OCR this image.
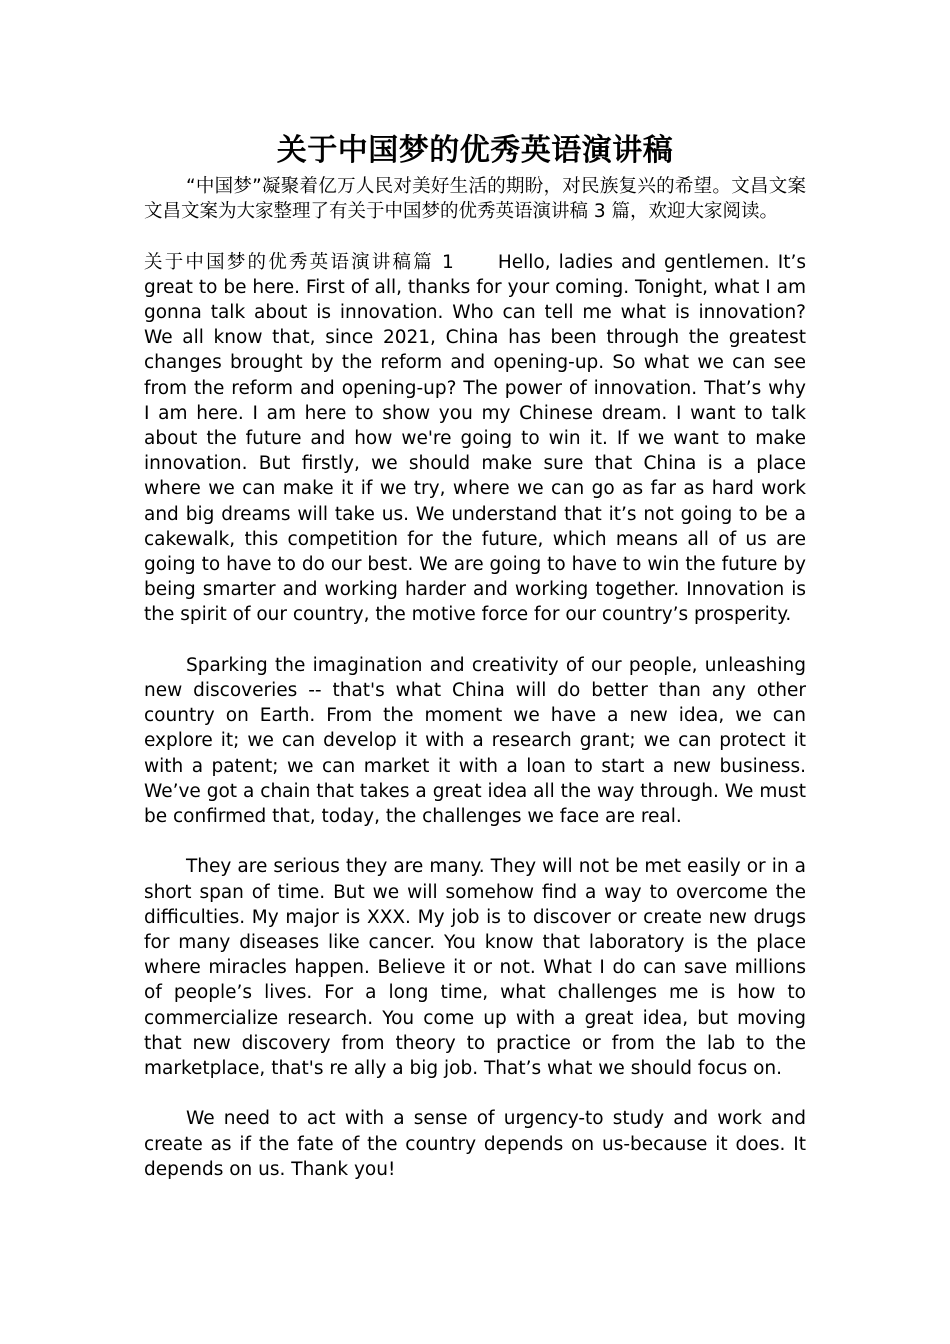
关于中国梦的优秀英语演讲稿

“中国梦”凝聚着亿万人民对美好生活的期盼，对民族复兴的希望。文昌文案文昌文案为大家整理了有关于中国梦的优秀英语演讲稿 3 篇，欢迎大家阅读。

关于中国梦的优秀英语演讲稿篇 1 Hello, ladies and gentlemen. It’s great to be here. First of all, thanks for your coming. Tonight, what I am gonna talk about is innovation. Who can tell me what is innovation? We all know that, since 2021, China has been through the greatest changes brought by the reform and opening-up. So what we can see from the reform and opening-up? The power of innovation. That’s why I am here. I am here to show you my Chinese dream. I want to talk about the future and how we're going to win it. If we want to make innovation. But firstly, we should make sure that China is a place where we can make it if we try, where we can go as far as hard work and big dreams will take us. We understand that it’s not going to be a cakewalk, this competition for the future, which means all of us are going to have to do our best. We are going to have to win the future by being smarter and working harder and working together. Innovation is the spirit of our country, the motive force for our country’s prosperity.

Sparking the imagination and creativity of our people, unleashing new discoveries -- that's what China will do better than any other country on Earth. From the moment we have a new idea, we can explore it; we can develop it with a research grant; we can protect it with a patent; we can market it with a loan to start a new business. We’ve got a chain that takes a great idea all the way through. We must be confirmed that, today, the challenges we face are real.

They are serious they are many. They will not be met easily or in a short span of time. But we will somehow find a way to overcome the difficulties. My major is XXX. My job is to discover or create new drugs for many diseases like cancer. You know that laboratory is the place where miracles happen. Believe it or not. What I do can save millions of people’s lives. For a long time, what challenges me is how to commercialize research. You come up with a great idea, but moving that new discovery from theory to practice or from the lab to the marketplace, that's re ally a big job. That’s what we should focus on.

We need to act with a sense of urgency-to study and work and create as if the fate of the country depends on us-because it does. It depends on us. Thank you!
